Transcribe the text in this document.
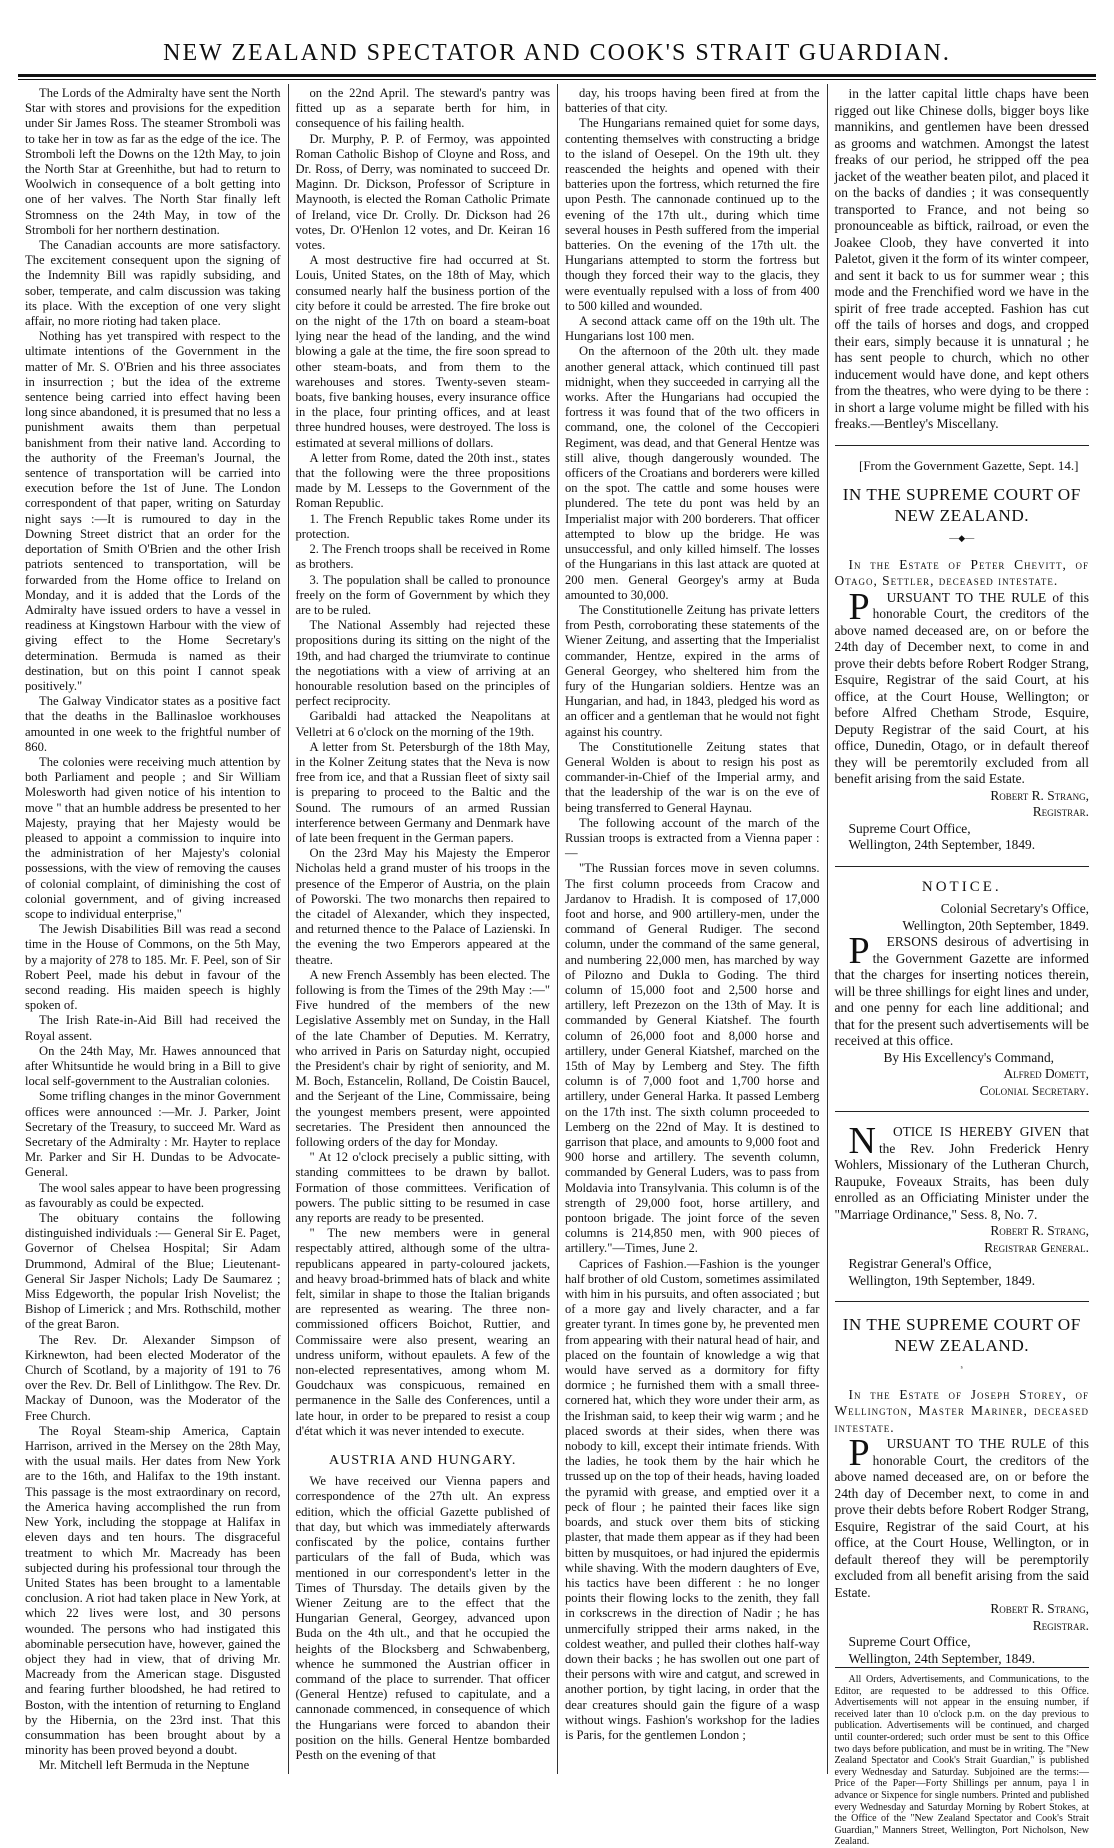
NEW ZEALAND SPECTATOR AND COOK'S STRAIT GUARDIAN.

The Lords of the Admiralty have sent the North Star with stores and provisions for the expedition under Sir James Ross. The steamer Stromboli was to take her in tow as far as the edge of the ice. The Stromboli left the Downs on the 12th May, to join the North Star at Greenhithe, but had to return to Woolwich in consequence of a bolt getting into one of her valves. The North Star finally left Stromness on the 24th May, in tow of the Stromboli for her northern destination.

The Canadian accounts are more satisfactory. The excitement consequent upon the signing of the Indemnity Bill was rapidly subsiding, and sober, temperate, and calm discussion was taking its place. With the exception of one very slight affair, no more rioting had taken place.

Nothing has yet transpired with respect to the ultimate intentions of the Government in the matter of Mr. S. O'Brien and his three associates in insurrection ; but the idea of the extreme sentence being carried into effect having been long since abandoned, it is presumed that no less a punishment awaits them than perpetual banishment from their native land. According to the authority of the Freeman's Journal, the sentence of transportation will be carried into execution before the 1st of June. The London correspondent of that paper, writing on Saturday night says :—It is rumoured to day in the Downing Street district that an order for the deportation of Smith O'Brien and the other Irish patriots sentenced to transportation, will be forwarded from the Home office to Ireland on Monday, and it is added that the Lords of the Admiralty have issued orders to have a vessel in readiness at Kingstown Harbour with the view of giving effect to the Home Secretary's determination. Bermuda is named as their destination, but on this point I cannot speak positively."

The Galway Vindicator states as a positive fact that the deaths in the Ballinasloe workhouses amounted in one week to the frightful number of 860.

The colonies were receiving much attention by both Parliament and people ; and Sir William Molesworth had given notice of his intention to move " that an humble address be presented to her Majesty, praying that her Majesty would be pleased to appoint a commission to inquire into the administration of her Majesty's colonial possessions, with the view of removing the causes of colonial complaint, of diminishing the cost of colonial government, and of giving increased scope to individual enterprise,"

The Jewish Disabilities Bill was read a second time in the House of Commons, on the 5th May, by a majority of 278 to 185. Mr. F. Peel, son of Sir Robert Peel, made his debut in favour of the second reading. His maiden speech is highly spoken of.

The Irish Rate-in-Aid Bill had received the Royal assent.

On the 24th May, Mr. Hawes announced that after Whitsuntide he would bring in a Bill to give local self-government to the Australian colonies.

Some trifling changes in the minor Government offices were announced :—Mr. J. Parker, Joint Secretary of the Treasury, to succeed Mr. Ward as Secretary of the Admiralty : Mr. Hayter to replace Mr. Parker and Sir H. Dundas to be Advocate-General.

The wool sales appear to have been progressing as favourably as could be expected.

The obituary contains the following distinguished individuals :— General Sir E. Paget, Governor of Chelsea Hospital; Sir Adam Drummond, Admiral of the Blue; Lieutenant-General Sir Jasper Nichols; Lady De Saumarez ; Miss Edgeworth, the popular Irish Novelist; the Bishop of Limerick ; and Mrs. Rothschild, mother of the great Baron.

The Rev. Dr. Alexander Simpson of Kirknewton, had been elected Moderator of the Church of Scotland, by a majority of 191 to 76 over the Rev. Dr. Bell of Linlithgow. The Rev. Dr. Mackay of Dunoon, was the Moderator of the Free Church.

The Royal Steam-ship America, Captain Harrison, arrived in the Mersey on the 28th May, with the usual mails. Her dates from New York are to the 16th, and Halifax to the 19th instant. This passage is the most extraordinary on record, the America having accomplished the run from New York, including the stoppage at Halifax in eleven days and ten hours. The disgraceful treatment to which Mr. Macready has been subjected during his professional tour through the United States has been brought to a lamentable conclusion. A riot had taken place in New York, at which 22 lives were lost, and 30 persons wounded. The persons who had instigated this abominable persecution have, however, gained the object they had in view, that of driving Mr. Macready from the American stage. Disgusted and fearing further bloodshed, he had retired to Boston, with the intention of returning to England by the Hibernia, on the 23rd inst. That this consummation has been brought about by a minority has been proved beyond a doubt.

Mr. Mitchell left Bermuda in the Neptune

on the 22nd April. The steward's pantry was fitted up as a separate berth for him, in consequence of his failing health.

Dr. Murphy, P. P. of Fermoy, was appointed Roman Catholic Bishop of Cloyne and Ross, and Dr. Ross, of Derry, was nominated to succeed Dr. Maginn. Dr. Dickson, Professor of Scripture in Maynooth, is elected the Roman Catholic Primate of Ireland, vice Dr. Crolly. Dr. Dickson had 26 votes, Dr. O'Henlon 12 votes, and Dr. Keiran 16 votes.

A most destructive fire had occurred at St. Louis, United States, on the 18th of May, which consumed nearly half the business portion of the city before it could be arrested. The fire broke out on the night of the 17th on board a steam-boat lying near the head of the landing, and the wind blowing a gale at the time, the fire soon spread to other steam-boats, and from them to the warehouses and stores. Twenty-seven steam-boats, five banking houses, every insurance office in the place, four printing offices, and at least three hundred houses, were destroyed. The loss is estimated at several millions of dollars.

A letter from Rome, dated the 20th inst., states that the following were the three propositions made by M. Lesseps to the Government of the Roman Republic.

1. The French Republic takes Rome under its protection.

2. The French troops shall be received in Rome as brothers.

3. The population shall be called to pronounce freely on the form of Government by which they are to be ruled.

The National Assembly had rejected these propositions during its sitting on the night of the 19th, and had charged the triumvirate to continue the negotiations with a view of arriving at an honourable resolution based on the principles of perfect reciprocity.

Garibaldi had attacked the Neapolitans at Velletri at 6 o'clock on the morning of the 19th.

A letter from St. Petersburgh of the 18th May, in the Kolner Zeitung states that the Neva is now free from ice, and that a Russian fleet of sixty sail is preparing to proceed to the Baltic and the Sound. The rumours of an armed Russian interference between Germany and Denmark have of late been frequent in the German papers.

On the 23rd May his Majesty the Emperor Nicholas held a grand muster of his troops in the presence of the Emperor of Austria, on the plain of Poworski. The two monarchs then repaired to the citadel of Alexander, which they inspected, and returned thence to the Palace of Lazienski. In the evening the two Emperors appeared at the theatre.

A new French Assembly has been elected. The following is from the Times of the 29th May :—" Five hundred of the members of the new Legislative Assembly met on Sunday, in the Hall of the late Chamber of Deputies. M. Kerratry, who arrived in Paris on Saturday night, occupied the President's chair by right of seniority, and M. M. Boch, Estancelin, Rolland, De Coistin Baucel, and the Serjeant of the Line, Commissaire, being the youngest members present, were appointed secretaries. The President then announced the following orders of the day for Monday.

" At 12 o'clock precisely a public sitting, with standing committees to be drawn by ballot. Formation of those committees. Verification of powers. The public sitting to be resumed in case any reports are ready to be presented.

" The new members were in general respectably attired, although some of the ultra-republicans appeared in party-coloured jackets, and heavy broad-brimmed hats of black and white felt, similar in shape to those the Italian brigands are represented as wearing. The three non-commissioned officers Boichot, Ruttier, and Commissaire were also present, wearing an undress uniform, without epaulets. A few of the non-elected representatives, among whom M. Goudchaux was conspicuous, remained en permanence in the Salle des Conferences, until a late hour, in order to be prepared to resist a coup d'état which it was never intended to execute.

AUSTRIA AND HUNGARY.

We have received our Vienna papers and correspondence of the 27th ult. An express edition, which the official Gazette published of that day, but which was immediately afterwards confiscated by the police, contains further particulars of the fall of Buda, which was mentioned in our correspondent's letter in the Times of Thursday. The details given by the Wiener Zeitung are to the effect that the Hungarian General, Georgey, advanced upon Buda on the 4th ult., and that he occupied the heights of the Blocksberg and Schwabenberg, whence he summoned the Austrian officer in command of the place to surrender. That officer (General Hentze) refused to capitulate, and a cannonade commenced, in consequence of which the Hungarians were forced to abandon their position on the hills. General Hentze bombarded Pesth on the evening of that

day, his troops having been fired at from the batteries of that city.

The Hungarians remained quiet for some days, contenting themselves with constructing a bridge to the island of Oesepel. On the 19th ult. they reascended the heights and opened with their batteries upon the fortress, which returned the fire upon Pesth. The cannonade continued up to the evening of the 17th ult., during which time several houses in Pesth suffered from the imperial batteries. On the evening of the 17th ult. the Hungarians attempted to storm the fortress but though they forced their way to the glacis, they were eventually repulsed with a loss of from 400 to 500 killed and wounded.

A second attack came off on the 19th ult. The Hungarians lost 100 men.

On the afternoon of the 20th ult. they made another general attack, which continued till past midnight, when they succeeded in carrying all the works. After the Hungarians had occupied the fortress it was found that of the two officers in command, one, the colonel of the Ceccopieri Regiment, was dead, and that General Hentze was still alive, though dangerously wounded. The officers of the Croatians and borderers were killed on the spot. The cattle and some houses were plundered. The tete du pont was held by an Imperialist major with 200 borderers. That officer attempted to blow up the bridge. He was unsuccessful, and only killed himself. The losses of the Hungarians in this last attack are quoted at 200 men. General Georgey's army at Buda amounted to 30,000.

The Constitutionelle Zeitung has private letters from Pesth, corroborating these statements of the Wiener Zeitung, and asserting that the Imperialist commander, Hentze, expired in the arms of General Georgey, who sheltered him from the fury of the Hungarian soldiers. Hentze was an Hungarian, and had, in 1843, pledged his word as an officer and a gentleman that he would not fight against his country.

The Constitutionelle Zeitung states that General Wolden is about to resign his post as commander-in-Chief of the Imperial army, and that the leadership of the war is on the eve of being transferred to General Haynau.

The following account of the march of the Russian troops is extracted from a Vienna paper :—

"The Russian forces move in seven columns. The first column proceeds from Cracow and Jardanov to Hradish. It is composed of 17,000 foot and horse, and 900 artillery-men, under the command of General Rudiger. The second column, under the command of the same general, and numbering 22,000 men, has marched by way of Pilozno and Dukla to Goding. The third column of 15,000 foot and 2,500 horse and artillery, left Prezezon on the 13th of May. It is commanded by General Kiatshef. The fourth column of 26,000 foot and 8,000 horse and artillery, under General Kiatshef, marched on the 15th of May by Lemberg and Stey. The fifth column is of 7,000 foot and 1,700 horse and artillery, under General Harka. It passed Lemberg on the 17th inst. The sixth column proceeded to Lemberg on the 22nd of May. It is destined to garrison that place, and amounts to 9,000 foot and 900 horse and artillery. The seventh column, commanded by General Luders, was to pass from Moldavia into Transylvania. This column is of the strength of 29,000 foot, horse artillery, and pontoon brigade. The joint force of the seven columns is 214,850 men, with 900 pieces of artillery."—Times, June 2.

Caprices of Fashion.—Fashion is the younger half brother of old Custom, sometimes assimilated with him in his pursuits, and often associated ; but of a more gay and lively character, and a far greater tyrant. In times gone by, he prevented men from appearing with their natural head of hair, and placed on the fountain of knowledge a wig that would have served as a dormitory for fifty dormice ; he furnished them with a small three-cornered hat, which they wore under their arm, as the Irishman said, to keep their wig warm ; and he placed swords at their sides, when there was nobody to kill, except their intimate friends. With the ladies, he took them by the hair which he trussed up on the top of their heads, having loaded the pyramid with grease, and emptied over it a peck of flour ; he painted their faces like sign boards, and stuck over them bits of sticking plaster, that made them appear as if they had been bitten by musquitoes, or had injured the epidermis while shaving. With the modern daughters of Eve, his tactics have been different : he no longer points their flowing locks to the zenith, they fall in corkscrews in the direction of Nadir ; he has unmercifully stripped their arms naked, in the coldest weather, and pulled their clothes half-way down their backs ; he has swollen out one part of their persons with wire and catgut, and screwed in another portion, by tight lacing, in order that the dear creatures should gain the figure of a wasp without wings. Fashion's workshop for the ladies is Paris, for the gentlemen London ;

in the latter capital little chaps have been rigged out like Chinese dolls, bigger boys like mannikins, and gentlemen have been dressed as grooms and watchmen. Amongst the latest freaks of our period, he stripped off the pea jacket of the weather beaten pilot, and placed it on the backs of dandies ; it was consequently transported to France, and not being so pronounceable as biftick, railroad, or even the Joakee Cloob, they have converted it into Paletot, given it the form of its winter compeer, and sent it back to us for summer wear ; this mode and the Frenchified word we have in the spirit of free trade accepted. Fashion has cut off the tails of horses and dogs, and cropped their ears, simply because it is unnatural ; he has sent people to church, which no other inducement would have done, and kept others from the theatres, who were dying to be there : in short a large volume might be filled with his freaks.—Bentley's Miscellany.

[From the Government Gazette, Sept. 14.]

IN THE SUPREME COURT OF NEW ZEALAND.
—◆—

In the Estate of Peter Chevitt, of Otago, Settler, deceased intestate.

P URSUANT TO THE RULE of this honorable Court, the creditors of the above named deceased are, on or before the 24th day of December next, to come in and prove their debts before Robert Rodger Strang, Esquire, Registrar of the said Court, at his office, at the Court House, Wellington; or before Alfred Chetham Strode, Esquire, Deputy Registrar of the said Court, at his office, Dunedin, Otago, or in default thereof they will be peremtorily excluded from all benefit arising from the said Estate.

Robert R. Strang,

Registrar.

Supreme Court Office,

Wellington, 24th September, 1849.

NOTICE.

Colonial Secretary's Office,

Wellington, 20th September, 1849.

P ERSONS desirous of advertising in the Government Gazette are informed that the charges for inserting notices therein, will be three shillings for eight lines and under, and one penny for each line additional; and that for the present such advertisements will be received at this office.

By His Excellency's Command,

Alfred Domett,

Colonial Secretary.

N OTICE IS HEREBY GIVEN that the Rev. John Frederick Henry Wohlers, Missionary of the Lutheran Church, Raupuke, Foveaux Straits, has been duly enrolled as an Officiating Minister under the "Marriage Ordinance," Sess. 8, No. 7.

Robert R. Strang,

Registrar General.

Registrar General's Office,

Wellington, 19th September, 1849.

IN THE SUPREME COURT OF NEW ZEALAND.
ˢ

In the Estate of Joseph Storey, of Wellington, Master Mariner, deceased intestate.

P URSUANT TO THE RULE of this honorable Court, the creditors of the above named deceased are, on or before the 24th day of December next, to come in and prove their debts before Robert Rodger Strang, Esquire, Registrar of the said Court, at his office, at the Court House, Wellington, or in default thereof they will be peremptorily excluded from all benefit arising from the said Estate.

Robert R. Strang,

Registrar.

Supreme Court Office,

Wellington, 24th September, 1849.

All Orders, Advertisements, and Communications, to the Editor, are requested to be addressed to this Office. Advertisements will not appear in the ensuing number, if received later than 10 o'clock p.m. on the day previous to publication. Advertisements will be continued, and charged until counter-ordered; such order must be sent to this Office two days before publication, and must be in writing. The "New Zealand Spectator and Cook's Strait Guardian," is published every Wednesday and Saturday. Subjoined are the terms:— Price of the Paper—Forty Shillings per annum, paya l in advance or Sixpence for single numbers. Printed and published every Wednesday and Saturday Morning by Robert Stokes, at the Office of the "New Zealand Spectator and Cook's Strait Guardian," Manners Street, Wellington, Port Nicholson, New Zealand.
